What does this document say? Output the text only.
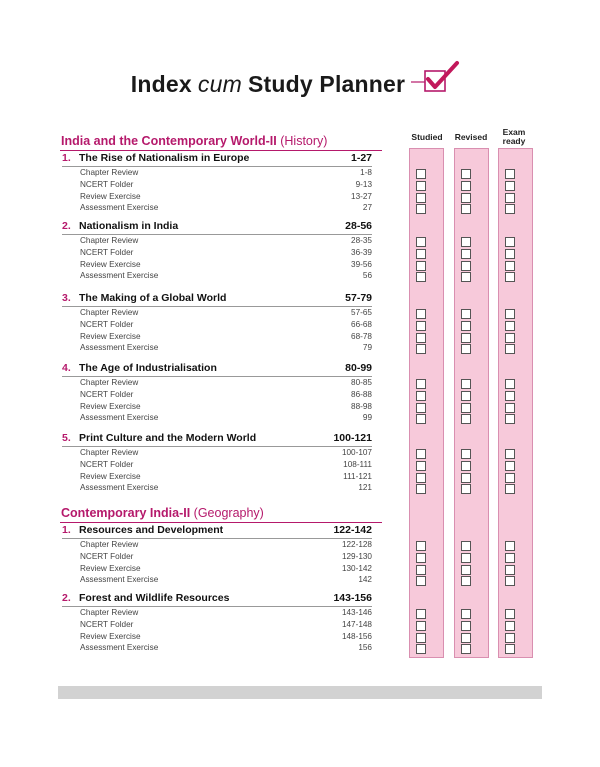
Index cum Study Planner
India and the Contemporary World-II (History)
1. The Rise of Nationalism in Europe	1-27
Chapter Review	1-8
NCERT Folder	9-13
Review Exercise	13-27
Assessment Exercise	27
2. Nationalism in India	28-56
Chapter Review	28-35
NCERT Folder	36-39
Review Exercise	39-56
Assessment Exercise	56
3. The Making of a Global World	57-79
Chapter Review	57-65
NCERT Folder	66-68
Review Exercise	68-78
Assessment Exercise	79
4. The Age of Industrialisation	80-99
Chapter Review	80-85
NCERT Folder	86-88
Review Exercise	88-98
Assessment Exercise	99
5. Print Culture and the Modern World	100-121
Chapter Review	100-107
NCERT Folder	108-111
Review Exercise	111-121
Assessment Exercise	121
Contemporary India-II (Geography)
1. Resources and Development	122-142
Chapter Review	122-128
NCERT Folder	129-130
Review Exercise	130-142
Assessment Exercise	142
2. Forest and Wildlife Resources	143-156
Chapter Review	143-146
NCERT Folder	147-148
Review Exercise	148-156
Assessment Exercise	156
Studied	Revised	Exam
ready
